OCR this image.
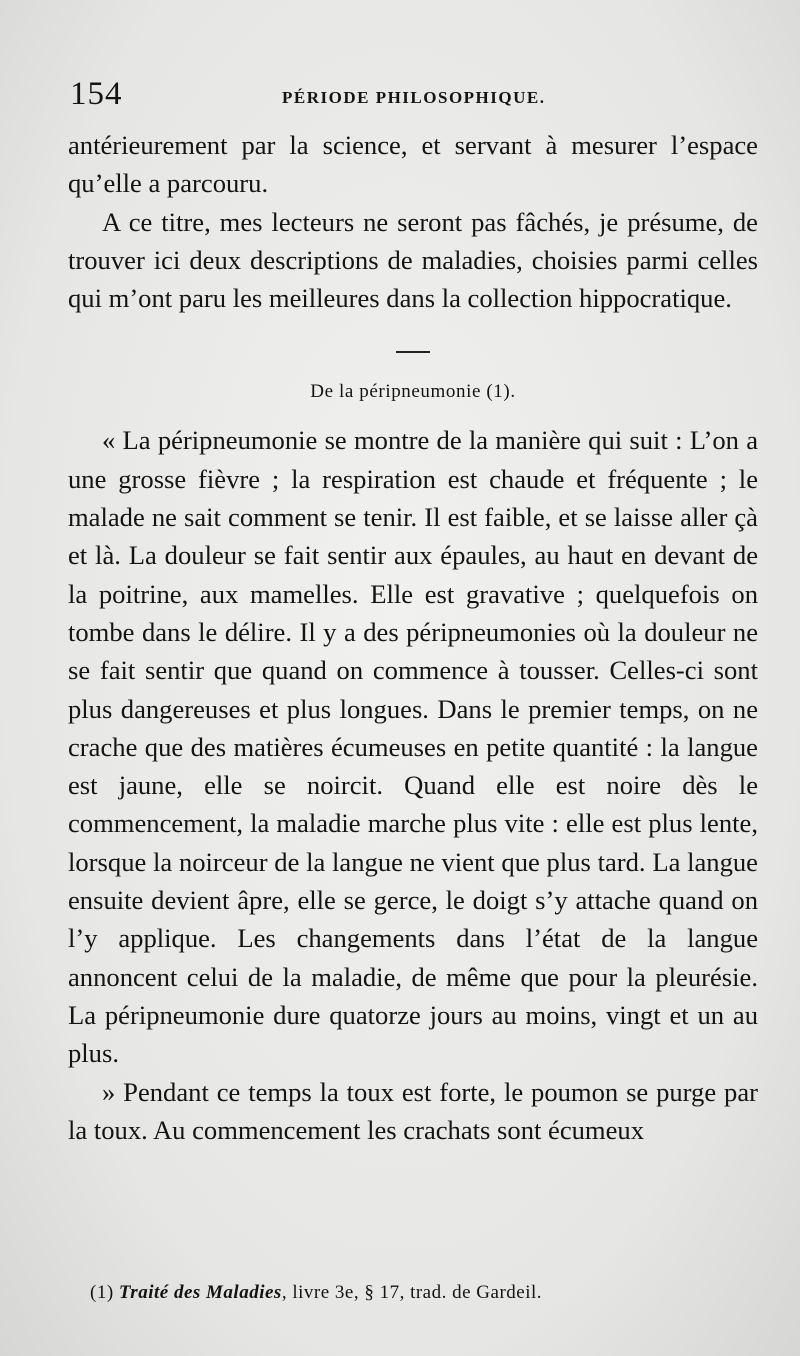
154	PÉRIODE PHILOSOPHIQUE.

antérieurement par la science, et servant à mesurer l’espace qu’elle a parcouru.

A ce titre, mes lecteurs ne seront pas fâchés, je présume, de trouver ici deux descriptions de maladies, choisies parmi celles qui m’ont paru les meilleures dans la collection hippocratique.

De la péripneumonie (1).

« La péripneumonie se montre de la manière qui suit : L’on a une grosse fièvre ; la respiration est chaude et fréquente ; le malade ne sait comment se tenir. Il est faible, et se laisse aller çà et là. La douleur se fait sentir aux épaules, au haut en devant de la poitrine, aux mamelles. Elle est gravative ; quelquefois on tombe dans le délire. Il y a des péripneumonies où la douleur ne se fait sentir que quand on commence à tousser. Celles-ci sont plus dangereuses et plus longues. Dans le premier temps, on ne crache que des matières écumeuses en petite quantité : la langue est jaune, elle se noircit. Quand elle est noire dès le commencement, la maladie marche plus vite : elle est plus lente, lorsque la noirceur de la langue ne vient que plus tard. La langue ensuite devient âpre, elle se gerce, le doigt s’y attache quand on l’y applique. Les changements dans l’état de la langue annoncent celui de la maladie, de même que pour la pleurésie. La péripneumonie dure quatorze jours au moins, vingt et un au plus.

» Pendant ce temps la toux est forte, le poumon se purge par la toux. Au commencement les crachats sont écumeux

(1) Traité des Maladies, livre 3e, § 17, trad. de Gardeil.
